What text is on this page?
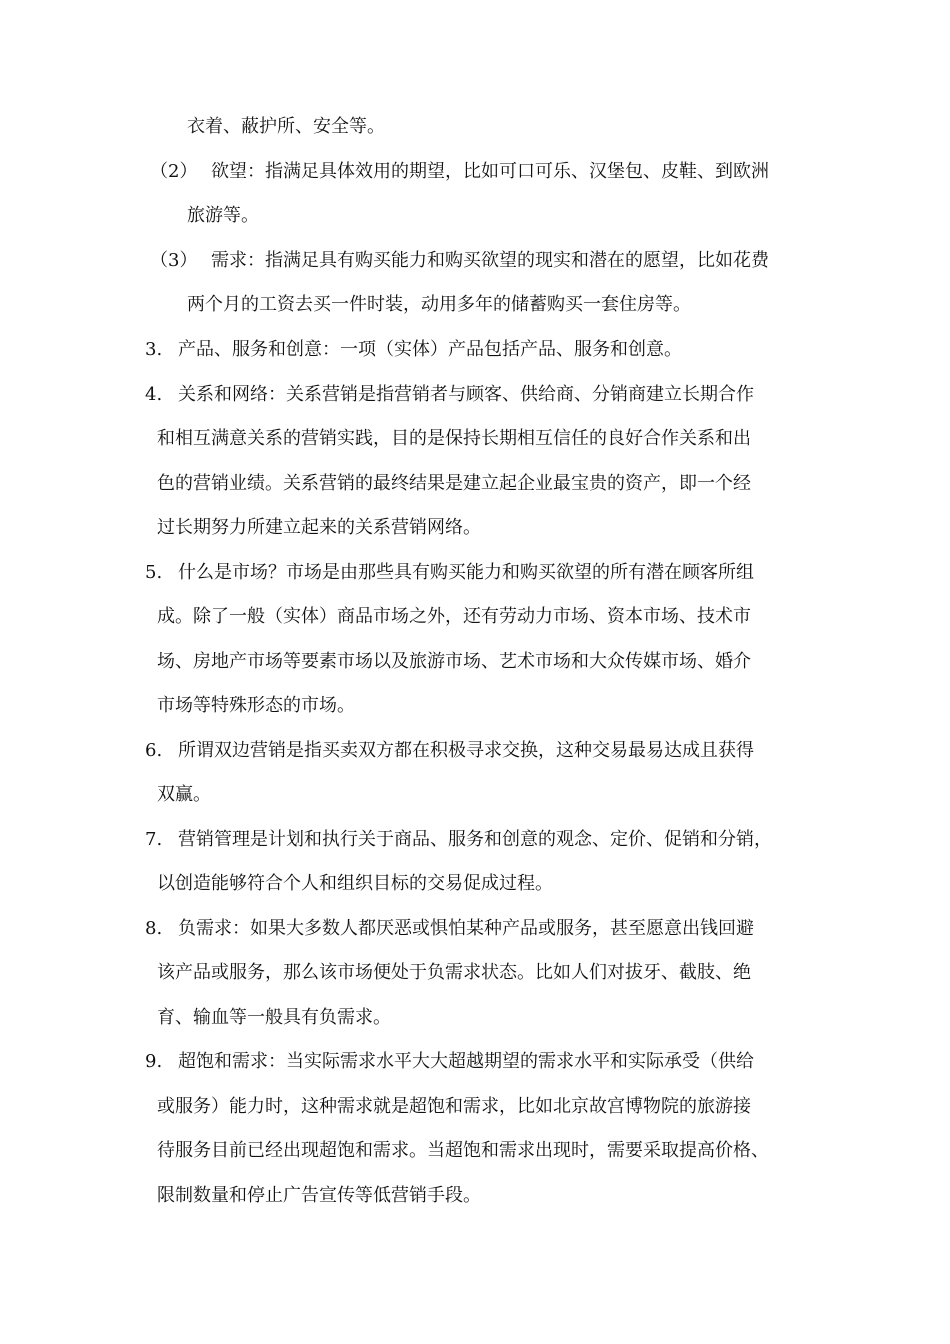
衣着、蔽护所、安全等。
（2） 欲望：指满足具体效用的期望，比如可口可乐、汉堡包、皮鞋、到欧洲
旅游等。
（3） 需求：指满足具有购买能力和购买欲望的现实和潜在的愿望，比如花费
两个月的工资去买一件时装，动用多年的储蓄购买一套住房等。
3. 产品、服务和创意：一项（实体）产品包括产品、服务和创意。
4. 关系和网络：关系营销是指营销者与顾客、供给商、分销商建立长期合作
和相互满意关系的营销实践，目的是保持长期相互信任的良好合作关系和出
色的营销业绩。关系营销的最终结果是建立起企业最宝贵的资产，即一个经
过长期努力所建立起来的关系营销网络。
5. 什么是市场？市场是由那些具有购买能力和购买欲望的所有潜在顾客所组
成。除了一般（实体）商品市场之外，还有劳动力市场、资本市场、技术市
场、房地产市场等要素市场以及旅游市场、艺术市场和大众传媒市场、婚介
市场等特殊形态的市场。
6. 所谓双边营销是指买卖双方都在积极寻求交换，这种交易最易达成且获得
双赢。
7. 营销管理是计划和执行关于商品、服务和创意的观念、定价、促销和分销，
以创造能够符合个人和组织目标的交易促成过程。
8. 负需求：如果大多数人都厌恶或惧怕某种产品或服务，甚至愿意出钱回避
该产品或服务，那么该市场便处于负需求状态。比如人们对拔牙、截肢、绝
育、输血等一般具有负需求。
9. 超饱和需求：当实际需求水平大大超越期望的需求水平和实际承受（供给
或服务）能力时，这种需求就是超饱和需求，比如北京故宫博物院的旅游接
待服务目前已经出现超饱和需求。当超饱和需求出现时，需要采取提高价格、
限制数量和停止广告宣传等低营销手段。
